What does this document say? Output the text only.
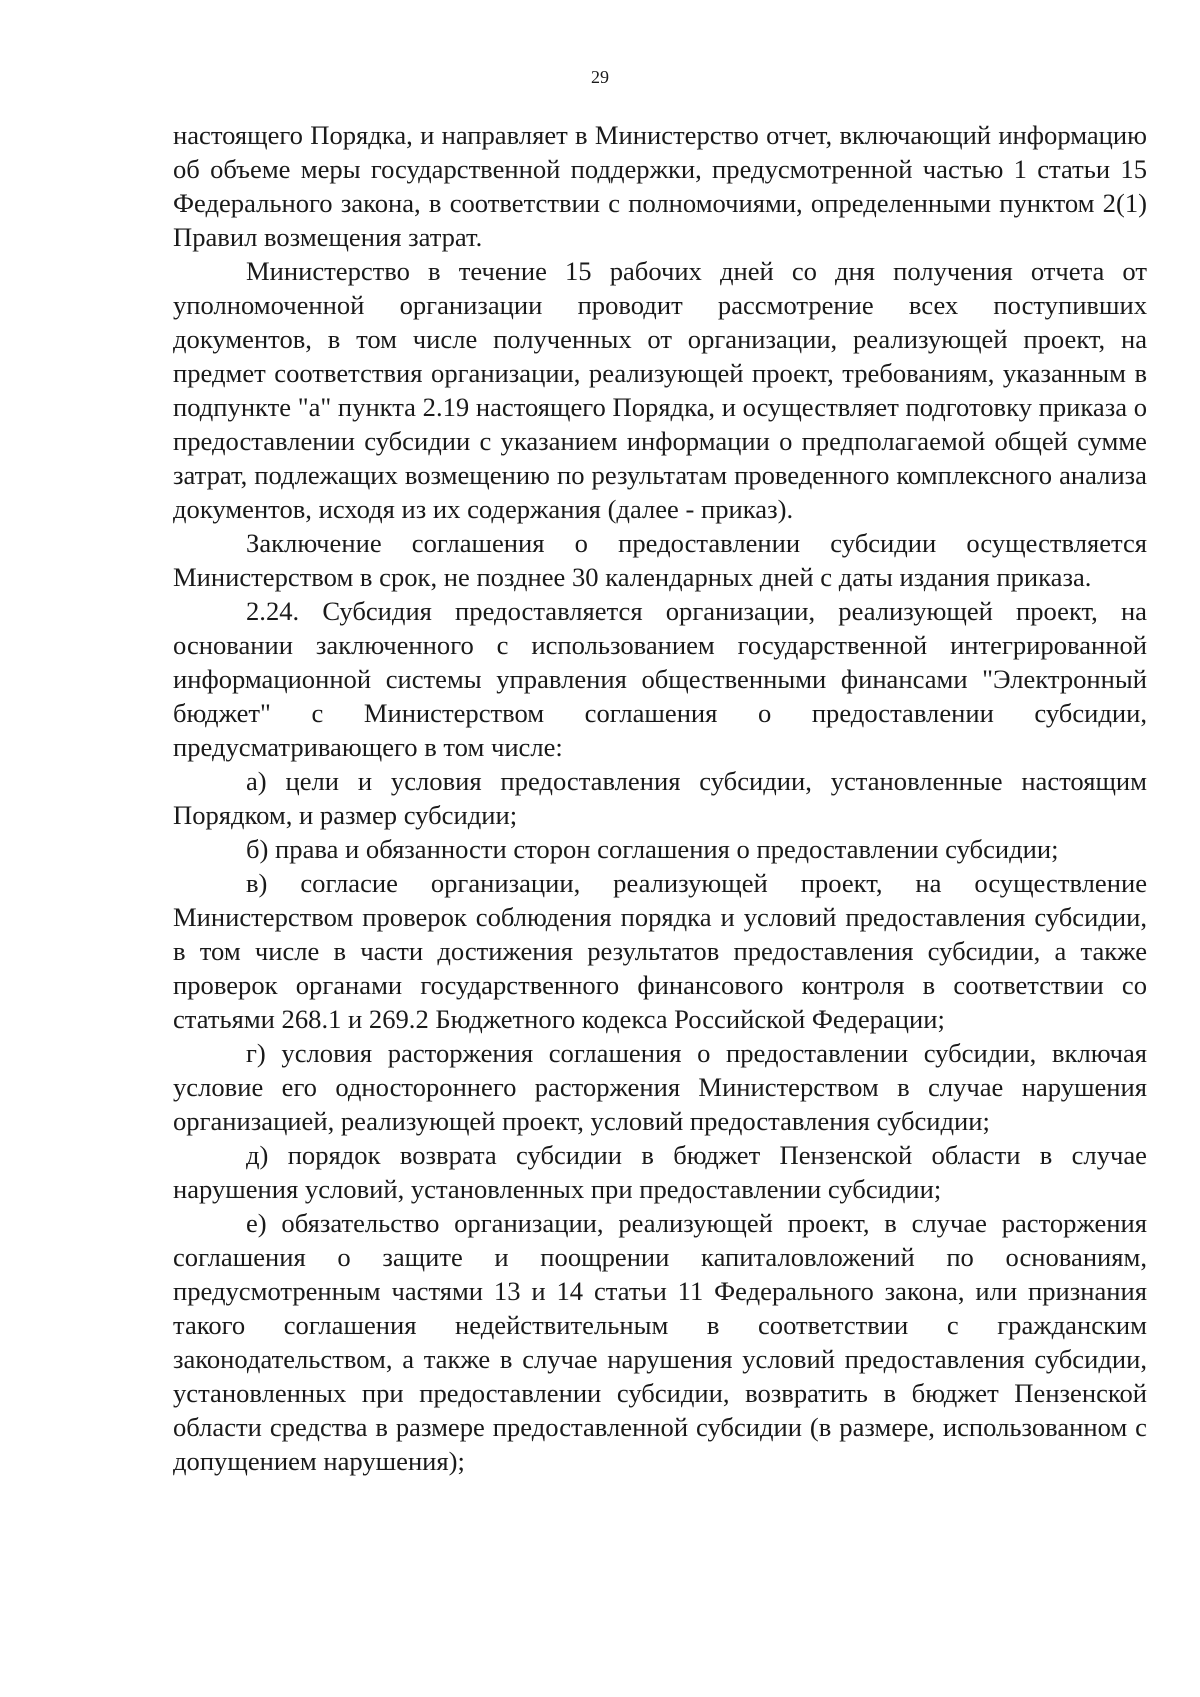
29

настоящего Порядка, и направляет в Министерство отчет, включающий информацию об объеме меры государственной поддержки, предусмотренной частью 1 статьи 15 Федерального закона, в соответствии с полномочиями, определенными пунктом 2(1) Правил возмещения затрат.

Министерство в течение 15 рабочих дней со дня получения отчета от уполномоченной организации проводит рассмотрение всех поступивших документов, в том числе полученных от организации, реализующей проект, на предмет соответствия организации, реализующей проект, требованиям, указанным в подпункте "а" пункта 2.19 настоящего Порядка, и осуществляет подготовку приказа о предоставлении субсидии с указанием информации о предполагаемой общей сумме затрат, подлежащих возмещению по результатам проведенного комплексного анализа документов, исходя из их содержания (далее - приказ).

Заключение соглашения о предоставлении субсидии осуществляется Министерством в срок, не позднее 30 календарных дней с даты издания приказа.

2.24. Субсидия предоставляется организации, реализующей проект, на основании заключенного с использованием государственной интегрированной информационной системы управления общественными финансами "Электронный бюджет" с Министерством соглашения о предоставлении субсидии, предусматривающего в том числе:

а) цели и условия предоставления субсидии, установленные настоящим Порядком, и размер субсидии;

б) права и обязанности сторон соглашения о предоставлении субсидии;

в) согласие организации, реализующей проект, на осуществление Министерством проверок соблюдения порядка и условий предоставления субсидии, в том числе в части достижения результатов предоставления субсидии, а также проверок органами государственного финансового контроля в соответствии со статьями 268.1 и 269.2 Бюджетного кодекса Российской Федерации;

г) условия расторжения соглашения о предоставлении субсидии, включая условие его одностороннего расторжения Министерством в случае нарушения организацией, реализующей проект, условий предоставления субсидии;

д) порядок возврата субсидии в бюджет Пензенской области в случае нарушения условий, установленных при предоставлении субсидии;

е) обязательство организации, реализующей проект, в случае расторжения соглашения о защите и поощрении капиталовложений по основаниям, предусмотренным частями 13 и 14 статьи 11 Федерального закона, или признания такого соглашения недействительным в соответствии с гражданским законодательством, а также в случае нарушения условий предоставления субсидии, установленных при предоставлении субсидии, возвратить в бюджет Пензенской области средства в размере предоставленной субсидии (в размере, использованном с допущением нарушения);
